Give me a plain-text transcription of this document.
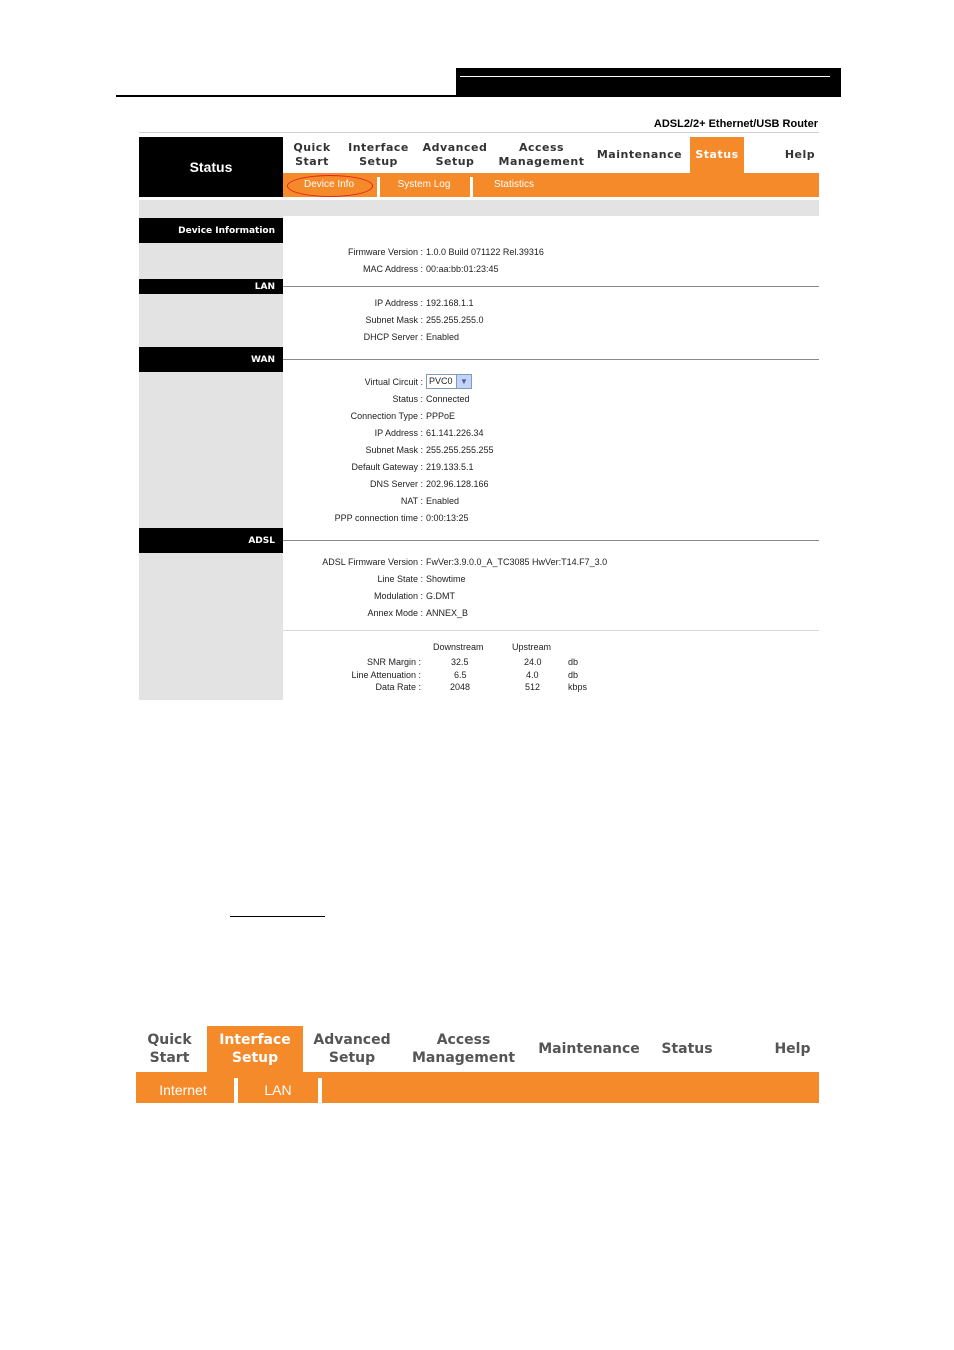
ADSL2/2+ Ethernet/USB Router
Status
Quick
Start
Interface
Setup
Advanced
Setup
Access
Management
Maintenance Status	Help
Device Info	System Log	Statistics
Device Information
Firmware Version : 1.0.0 Build 071122 Rel.39316
MAC Address : 00:aa:bb:01:23:45
LAN
IP Address : 192.168.1.1
Subnet Mask : 255.255.255.0
DHCP Server : Enabled
WAN
Virtual Circuit : PVC0 ▼
Status : Connected
Connection Type : PPPoE
IP Address : 61.141.226.34
Subnet Mask : 255.255.255.255
Default Gateway : 219.133.5.1
DNS Server : 202.96.128.166
NAT : Enabled
PPP connection time : 0:00:13:25
ADSL
ADSL Firmware Version : FwVer:3.9.0.0_A_TC3085 HwVer:T14.F7_3.0
Line State : Showtime
Modulation : G.DMT
Annex Mode : ANNEX_B
Downstream	Upstream
SNR Margin :	32.5	24.0	db
Line Attenuation :	6.5	4.0	db
Data Rate :	2048	512	kbps
Quick
Start
Interface
Setup
Advanced
Setup
Access
Management
Maintenance Status	Help
Internet	LAN
